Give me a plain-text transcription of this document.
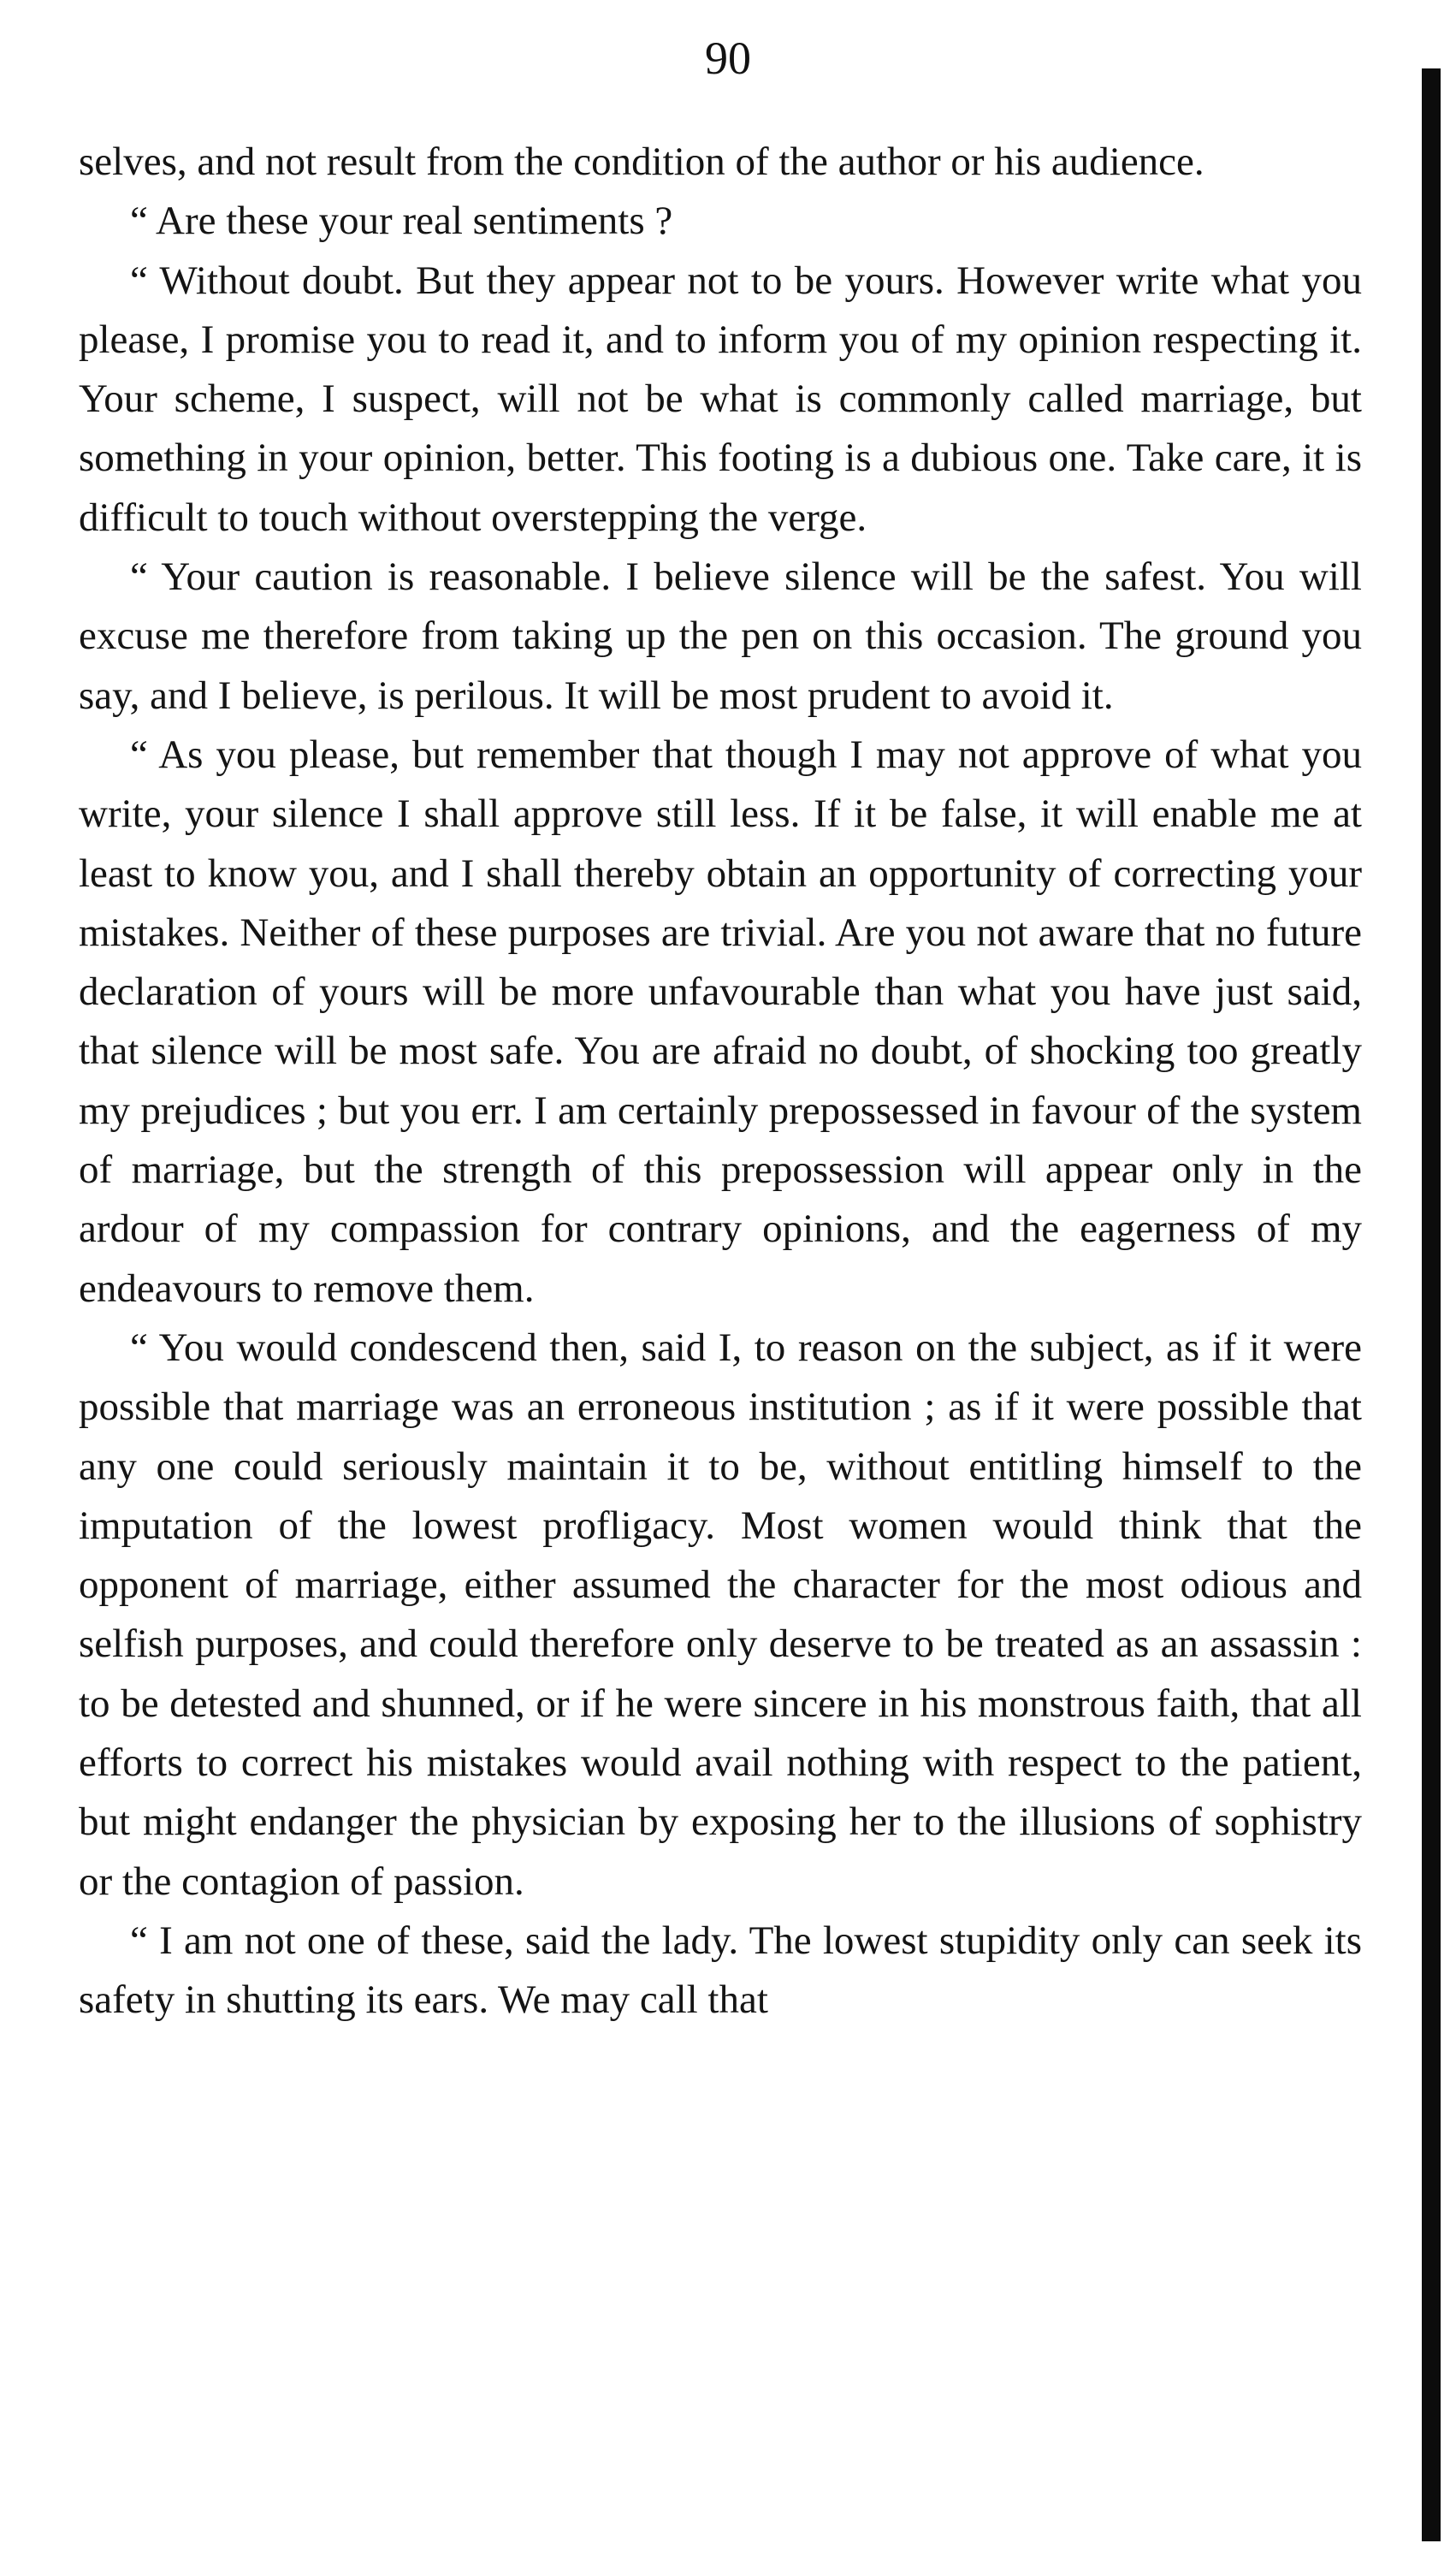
90

selves, and not result from the condition of the author or his audience.

“ Are these your real sentiments ?

“ Without doubt. But they appear not to be yours. However write what you please, I promise you to read it, and to inform you of my opinion respecting it. Your scheme, I suspect, will not be what is commonly called marriage, but something in your opinion, better. This footing is a dubious one. Take care, it is difficult to touch without overstepping the verge.

“ Your caution is reasonable. I believe silence will be the safest. You will excuse me therefore from taking up the pen on this occasion. The ground you say, and I believe, is perilous. It will be most prudent to avoid it.

“ As you please, but remember that though I may not approve of what you write, your silence I shall approve still less. If it be false, it will enable me at least to know you, and I shall thereby obtain an opportunity of correcting your mistakes. Neither of these purposes are trivial. Are you not aware that no future declaration of yours will be more unfavourable than what you have just said, that silence will be most safe. You are afraid no doubt, of shocking too greatly my prejudices ; but you err. I am certainly prepossessed in favour of the system of marriage, but the strength of this prepossession will appear only in the ardour of my compassion for contrary opinions, and the eagerness of my endeavours to remove them.

“ You would condescend then, said I, to reason on the subject, as if it were possible that marriage was an erroneous institution ; as if it were possible that any one could seriously maintain it to be, without entitling himself to the imputation of the lowest profligacy. Most women would think that the opponent of marriage, either assumed the character for the most odious and selfish purposes, and could therefore only deserve to be treated as an assassin : to be detested and shunned, or if he were sincere in his monstrous faith, that all efforts to correct his mistakes would avail nothing with respect to the patient, but might endanger the physician by exposing her to the illusions of sophistry or the contagion of passion.

“ I am not one of these, said the lady. The lowest stupidity only can seek its safety in shutting its ears. We may call that
